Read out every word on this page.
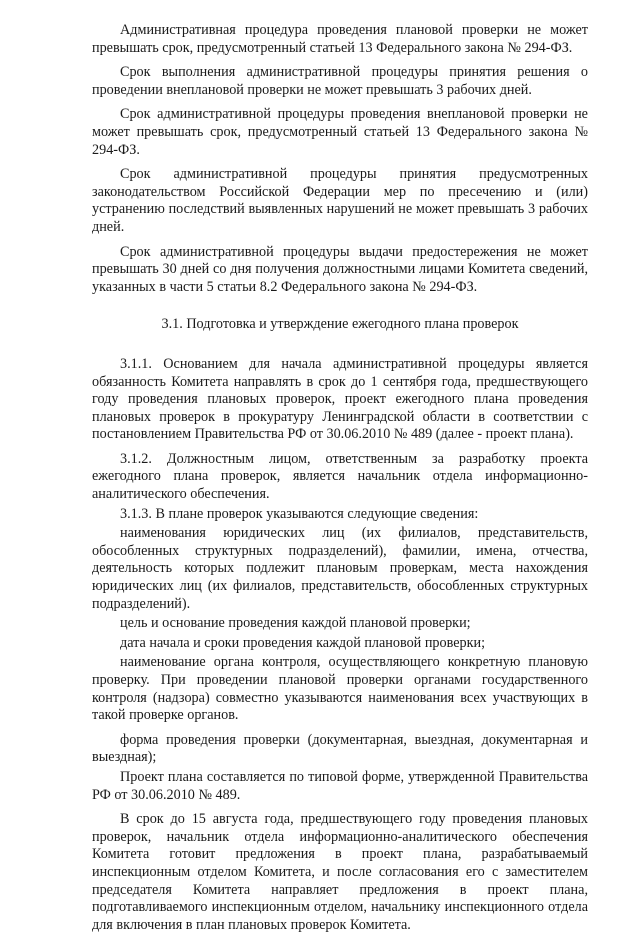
Административная процедура проведения плановой проверки не может превышать срок, предусмотренный статьей 13 Федерального закона № 294-ФЗ.

Срок выполнения административной процедуры принятия решения о проведении внеплановой проверки не может превышать 3 рабочих дней.

Срок административной процедуры проведения внеплановой проверки не может превышать срок, предусмотренный статьей 13 Федерального закона № 294-ФЗ.

Срок административной процедуры принятия предусмотренных законодательством Российской Федерации мер по пресечению и (или) устранению последствий выявленных нарушений не может превышать 3 рабочих дней.

Срок административной процедуры выдачи предостережения не может превышать 30 дней со дня получения должностными лицами Комитета сведений, указанных в части 5 статьи 8.2 Федерального закона № 294-ФЗ.

3.1. Подготовка и утверждение ежегодного плана проверок

3.1.1. Основанием для начала административной процедуры является обязанность Комитета направлять в срок до 1 сентября года, предшествующего году проведения плановых проверок, проект ежегодного плана проведения плановых проверок в прокуратуру Ленинградской области в соответствии с постановлением Правительства РФ от 30.06.2010 № 489 (далее - проект плана).

3.1.2. Должностным лицом, ответственным за разработку проекта ежегодного плана проверок, является начальник отдела информационно-аналитического обеспечения.

3.1.3. В плане проверок указываются следующие сведения:

наименования юридических лиц (их филиалов, представительств, обособленных структурных подразделений), фамилии, имена, отчества, деятельность которых подлежит плановым проверкам, места нахождения юридических лиц (их филиалов, представительств, обособленных структурных подразделений).

цель и основание проведения каждой плановой проверки;

дата начала и сроки проведения каждой плановой проверки;

наименование органа контроля, осуществляющего конкретную плановую проверку. При проведении плановой проверки органами государственного контроля (надзора) совместно указываются наименования всех участвующих в такой проверке органов.

форма проведения проверки (документарная, выездная, документарная и выездная);

Проект плана составляется по типовой форме, утвержденной Правительства РФ от 30.06.2010 № 489.

В срок до 15 августа года, предшествующего году проведения плановых проверок, начальник отдела информационно-аналитического обеспечения Комитета готовит предложения в проект плана, разрабатываемый инспекционным отделом Комитета, и после согласования его с заместителем председателя Комитета направляет предложения в проект плана, подготавливаемого инспекционным отделом, начальнику инспекционного отдела для включения в план плановых проверок Комитета.
